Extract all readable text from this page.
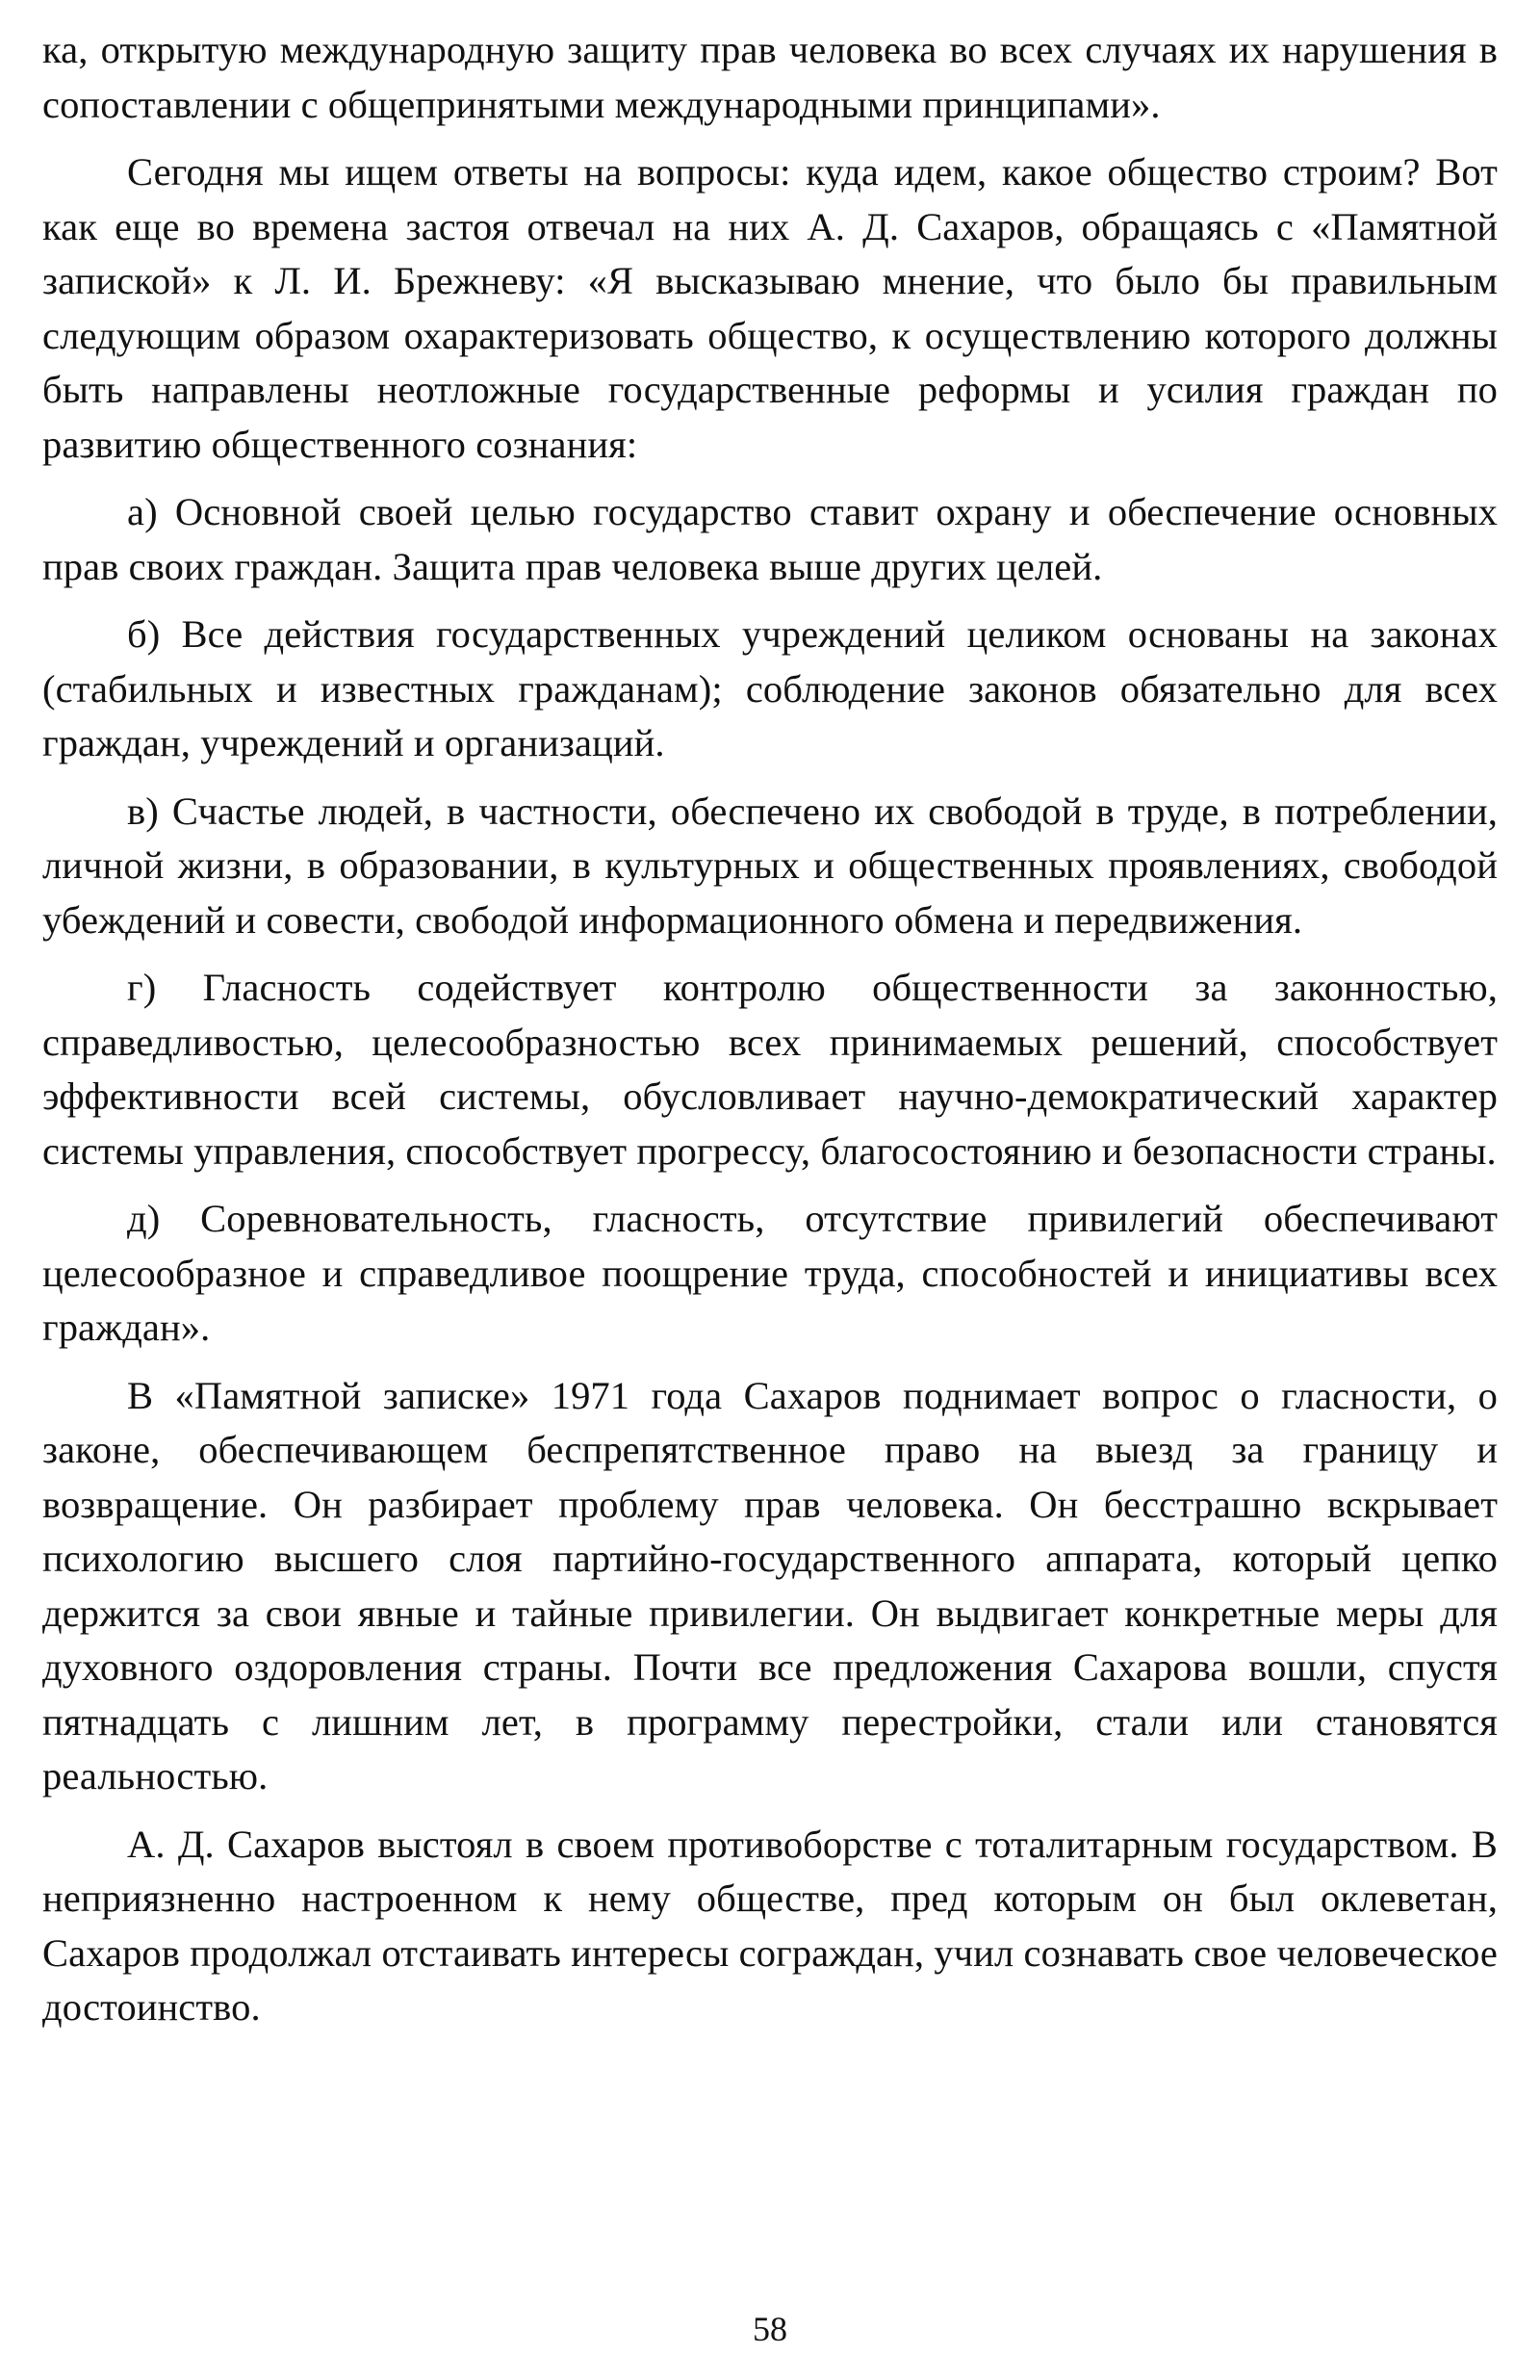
ка, открытую международную защиту прав человека во всех случаях их нарушения в сопоставлении с общепринятыми международными принципами».

Сегодня мы ищем ответы на вопросы: куда идем, какое общество строим? Вот как еще во времена застоя отвечал на них А. Д. Сахаров, обращаясь с «Памятной запиской» к Л. И. Брежневу: «Я высказываю мнение, что было бы правильным следующим образом охарактеризовать общество, к осуществлению которого должны быть направлены неотложные государственные реформы и усилия граждан по развитию общественного сознания:

а) Основной своей целью государство ставит охрану и обеспечение основных прав своих граждан. Защита прав человека выше других целей.

б) Все действия государственных учреждений целиком основаны на законах (стабильных и известных гражданам); соблюдение законов обязательно для всех граждан, учреждений и организаций.

в) Счастье людей, в частности, обеспечено их свободой в труде, в потреблении, личной жизни, в образовании, в культурных и общественных проявлениях, свободой убеждений и совести, свободой информационного обмена и передвижения.

г) Гласность содействует контролю общественности за законностью, справедливостью, целесообразностью всех принимаемых решений, способствует эффективности всей системы, обусловливает научно-демократический характер системы управления, способствует прогрессу, благосостоянию и безопасности страны.

д) Соревновательность, гласность, отсутствие привилегий обеспечивают целесообразное и справедливое поощрение труда, способностей и инициативы всех граждан».

В «Памятной записке» 1971 года Сахаров поднимает вопрос о гласности, о законе, обеспечивающем беспрепятственное право на выезд за границу и возвращение. Он разбирает проблему прав человека. Он бесстрашно вскрывает психологию высшего слоя партийно-государственного аппарата, который цепко держится за свои явные и тайные привилегии. Он выдвигает конкретные меры для духовного оздоровления страны. Почти все предложения Сахарова вошли, спустя пятнадцать с лишним лет, в программу перестройки, стали или становятся реальностью.

А. Д. Сахаров выстоял в своем противоборстве с тоталитарным государством. В неприязненно настроенном к нему обществе, пред которым он был оклеветан, Сахаров продолжал отстаивать интересы сограждан, учил сознавать свое человеческое достоинство.

58
